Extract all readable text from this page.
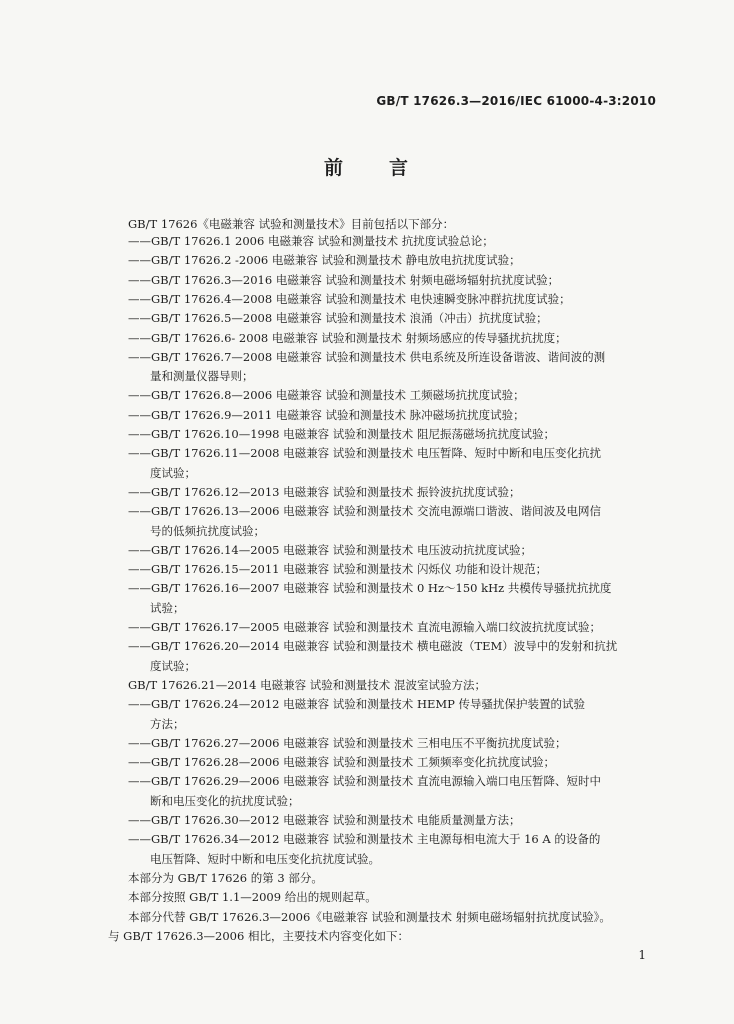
GB/T 17626.3—2016/IEC 61000-4-3:2010
前 言
GB/T 17626《电磁兼容 试验和测量技术》目前包括以下部分：
——GB/T 17626.1 2006 电磁兼容 试验和测量技术 抗扰度试验总论；
——GB/T 17626.2 -2006 电磁兼容 试验和测量技术 静电放电抗扰度试验；
——GB/T 17626.3—2016 电磁兼容 试验和测量技术 射频电磁场辐射抗扰度试验；
——GB/T 17626.4—2008 电磁兼容 试验和测量技术 电快速瞬变脉冲群抗扰度试验；
——GB/T 17626.5—2008 电磁兼容 试验和测量技术 浪涌（冲击）抗扰度试验；
——GB/T 17626.6- 2008 电磁兼容 试验和测量技术 射频场感应的传导骚扰抗扰度；
——GB/T 17626.7—2008 电磁兼容 试验和测量技术 供电系统及所连设备谐波、谐间波的测
量和测量仪器导则；
——GB/T 17626.8—2006 电磁兼容 试验和测量技术 工频磁场抗扰度试验；
——GB/T 17626.9—2011 电磁兼容 试验和测量技术 脉冲磁场抗扰度试验；
——GB/T 17626.10—1998 电磁兼容 试验和测量技术 阻尼振荡磁场抗扰度试验；
——GB/T 17626.11—2008 电磁兼容 试验和测量技术 电压暂降、短时中断和电压变化抗扰
度试验；
——GB/T 17626.12—2013 电磁兼容 试验和测量技术 振铃波抗扰度试验；
——GB/T 17626.13—2006 电磁兼容 试验和测量技术 交流电源端口谐波、谐间波及电网信
号的低频抗扰度试验；
——GB/T 17626.14—2005 电磁兼容 试验和测量技术 电压波动抗扰度试验；
——GB/T 17626.15—2011 电磁兼容 试验和测量技术 闪烁仪 功能和设计规范；
——GB/T 17626.16—2007 电磁兼容 试验和测量技术 0 Hz～150 kHz 共模传导骚扰抗扰度
试验；
——GB/T 17626.17—2005 电磁兼容 试验和测量技术 直流电源输入端口纹波抗扰度试验；
——GB/T 17626.20—2014 电磁兼容 试验和测量技术 横电磁波（TEM）波导中的发射和抗扰
度试验；
GB/T 17626.21—2014 电磁兼容 试验和测量技术 混波室试验方法；
——GB/T 17626.24—2012 电磁兼容 试验和测量技术 HEMP 传导骚扰保护装置的试验
方法；
——GB/T 17626.27—2006 电磁兼容 试验和测量技术 三相电压不平衡抗扰度试验；
——GB/T 17626.28—2006 电磁兼容 试验和测量技术 工频频率变化抗扰度试验；
——GB/T 17626.29—2006 电磁兼容 试验和测量技术 直流电源输入端口电压暂降、短时中
断和电压变化的抗扰度试验；
——GB/T 17626.30—2012 电磁兼容 试验和测量技术 电能质量测量方法；
——GB/T 17626.34—2012 电磁兼容 试验和测量技术 主电源每相电流大于 16 A 的设备的
电压暂降、短时中断和电压变化抗扰度试验。
本部分为 GB/T 17626 的第 3 部分。
本部分按照 GB/T 1.1—2009 给出的规则起草。
本部分代替 GB/T 17626.3—2006《电磁兼容 试验和测量技术 射频电磁场辐射抗扰度试验》。
与 GB/T 17626.3—2006 相比，主要技术内容变化如下：
1
